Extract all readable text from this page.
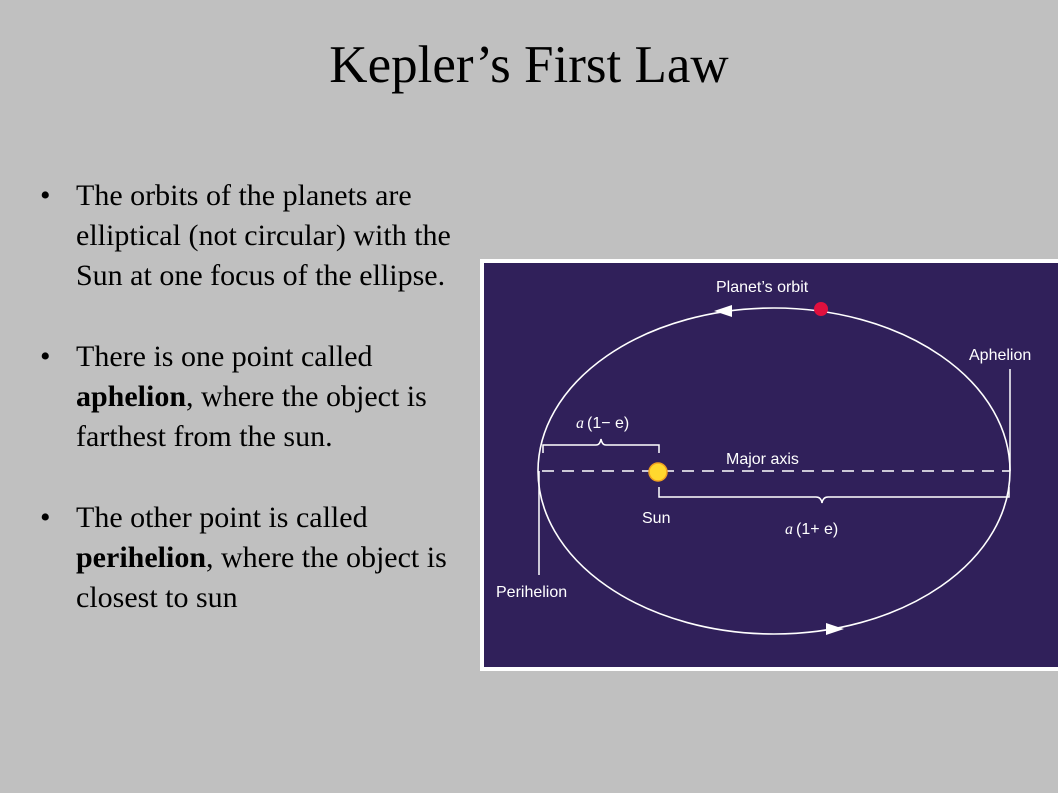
Kepler’s First Law
• The orbits of the planets are elliptical (not circular) with the Sun at one focus of the ellipse.
• There is one point called aphelion, where the object is farthest from the sun.
• The other point is called perihelion, where the object is closest to sun
Planet’s orbit
Aphelion
Major axis
Sun
Perihelion
a (1− e)
a (1+ e)
